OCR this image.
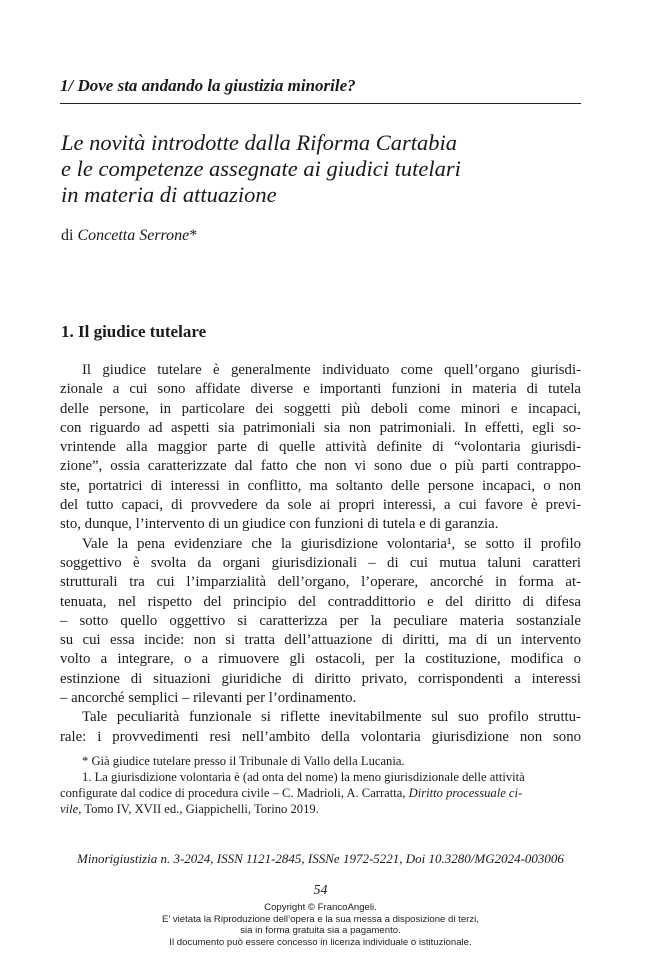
1/ Dove sta andando la giustizia minorile?
Le novità introdotte dalla Riforma Cartabia
e le competenze assegnate ai giudici tutelari
in materia di attuazione
di Concetta Serrone*
1. Il giudice tutelare
Il giudice tutelare è generalmente individuato come quell’organo giurisdi-
zionale a cui sono affidate diverse e importanti funzioni in materia di tutela
delle persone, in particolare dei soggetti più deboli come minori e incapaci,
con riguardo ad aspetti sia patrimoniali sia non patrimoniali. In effetti, egli so-
vrintende alla maggior parte di quelle attività definite di “volontaria giurisdi-
zione”, ossia caratterizzate dal fatto che non vi sono due o più parti contrappo-
ste, portatrici di interessi in conflitto, ma soltanto delle persone incapaci, o non
del tutto capaci, di provvedere da sole ai propri interessi, a cui favore è previ-
sto, dunque, l’intervento di un giudice con funzioni di tutela e di garanzia.
Vale la pena evidenziare che la giurisdizione volontaria¹, se sotto il profilo
soggettivo è svolta da organi giurisdizionali – di cui mutua taluni caratteri
strutturali tra cui l’imparzialità dell’organo, l’operare, ancorché in forma at-
tenuata, nel rispetto del principio del contraddittorio e del diritto di difesa
– sotto quello oggettivo si caratterizza per la peculiare materia sostanziale
su cui essa incide: non si tratta dell’attuazione di diritti, ma di un intervento
volto a integrare, o a rimuovere gli ostacoli, per la costituzione, modifica o
estinzione di situazioni giuridiche di diritto privato, corrispondenti a interessi
– ancorché semplici – rilevanti per l’ordinamento.
Tale peculiarità funzionale si riflette inevitabilmente sul suo profilo struttu-
rale: i provvedimenti resi nell’ambito della volontaria giurisdizione non sono
* Già giudice tutelare presso il Tribunale di Vallo della Lucania.
1. La giurisdizione volontaria è (ad onta del nome) la meno giurisdizionale delle attività
configurate dal codice di procedura civile – C. Madrioli, A. Carratta, Diritto processuale ci-
vile, Tomo IV, XVII ed., Giappichelli, Torino 2019.
Minorigiustizia n. 3-2024, ISSN 1121-2845, ISSNe 1972-5221, Doi 10.3280/MG2024-003006
54
Copyright © FrancoAngeli.
E’ vietata la Riproduzione dell’opera e la sua messa a disposizione di terzi,
sia in forma gratuita sia a pagamento.
Il documento può essere concesso in licenza individuale o istituzionale.
